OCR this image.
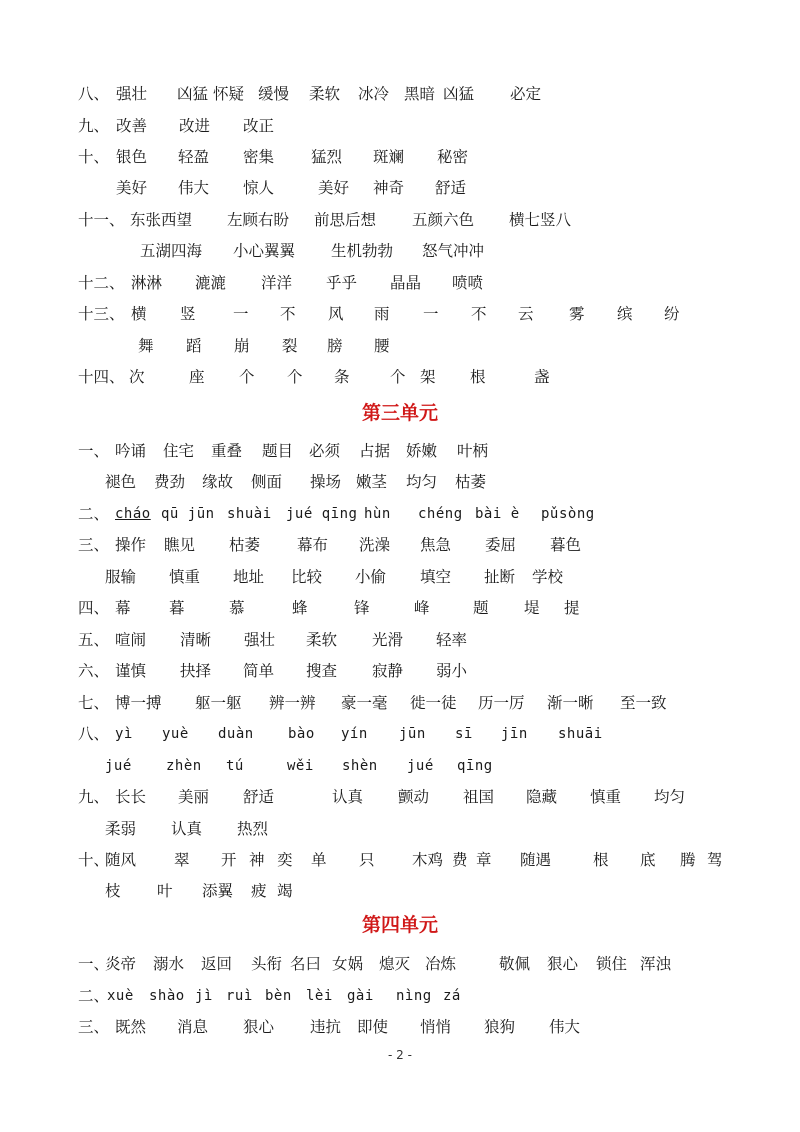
第三单元
第四单元
八、 强壮 凶猛 怀疑 缓慢 柔软 冰冷 黑暗 凶猛 必定
九、 改善 改进 改正
十、 银色 轻盈 密集 猛烈 斑斓 秘密
美好 伟大 惊人	美好 神奇 舒适
十一、 东张西望 左顾右盼 前思后想 五颜六色 横七竖八
五湖四海 小心翼翼 生机勃勃 怒气冲冲
十二、 淋淋 漉漉 洋洋 乎乎 晶晶 喷喷
十三、 横 竖 一 不 风 雨 一 不 云 雾 缤 纷
舞 蹈 崩 裂 膀 腰
十四、 次	座 个 个 条	个 架 根	盏
一、 吟诵 住宅 重叠 题目 必须 占据 娇嫩 叶柄
褪色 费劲 缘故 侧面 操场 嫩茎 均匀 枯萎
二、 cháo qū jūn shuài jué qīng hùn chéng bài è pǔ sòng
三、 操作 瞧见 枯萎 幕布 洗澡 焦急 委屈 暮色
服输 慎重 地址 比较 小偷 填空 扯断 学校
四、 幕 暮	慕	蜂	锋	峰	题 堤 提
五、 喧闹 清晰 强壮 柔软 光滑 轻率
六、 谨慎 抉择 简单 搜查 寂静 弱小
七、 博一搏 躯一躯 辨一辨 豪一毫 徙一徒 历一厉 渐一晰 至一致
八、 yì yuè duàn bào yín jūn sī jīn shuāi
jué zhèn tú	wěi shèn jué qīng
九、 长长 美丽 舒适	认真 颤动 祖国 隐藏 慎重 均匀
柔弱 认真 热烈
十、
随风 翠 开 神 奕 单 只 木鸡 费 章 随遇	根 底 腾 驾
枝 叶 添翼 疲 竭
一、
炎帝 溺水 返回 头衔 名曰 女娲 熄灭 冶炼	敬佩 狠心 锁住 浑浊
二、
xuè shào jì ruì bèn lèi gài nìng zá
三、 既然 消息 狠心 违抗 即使 悄悄 狼狗 伟大
- 2 -
